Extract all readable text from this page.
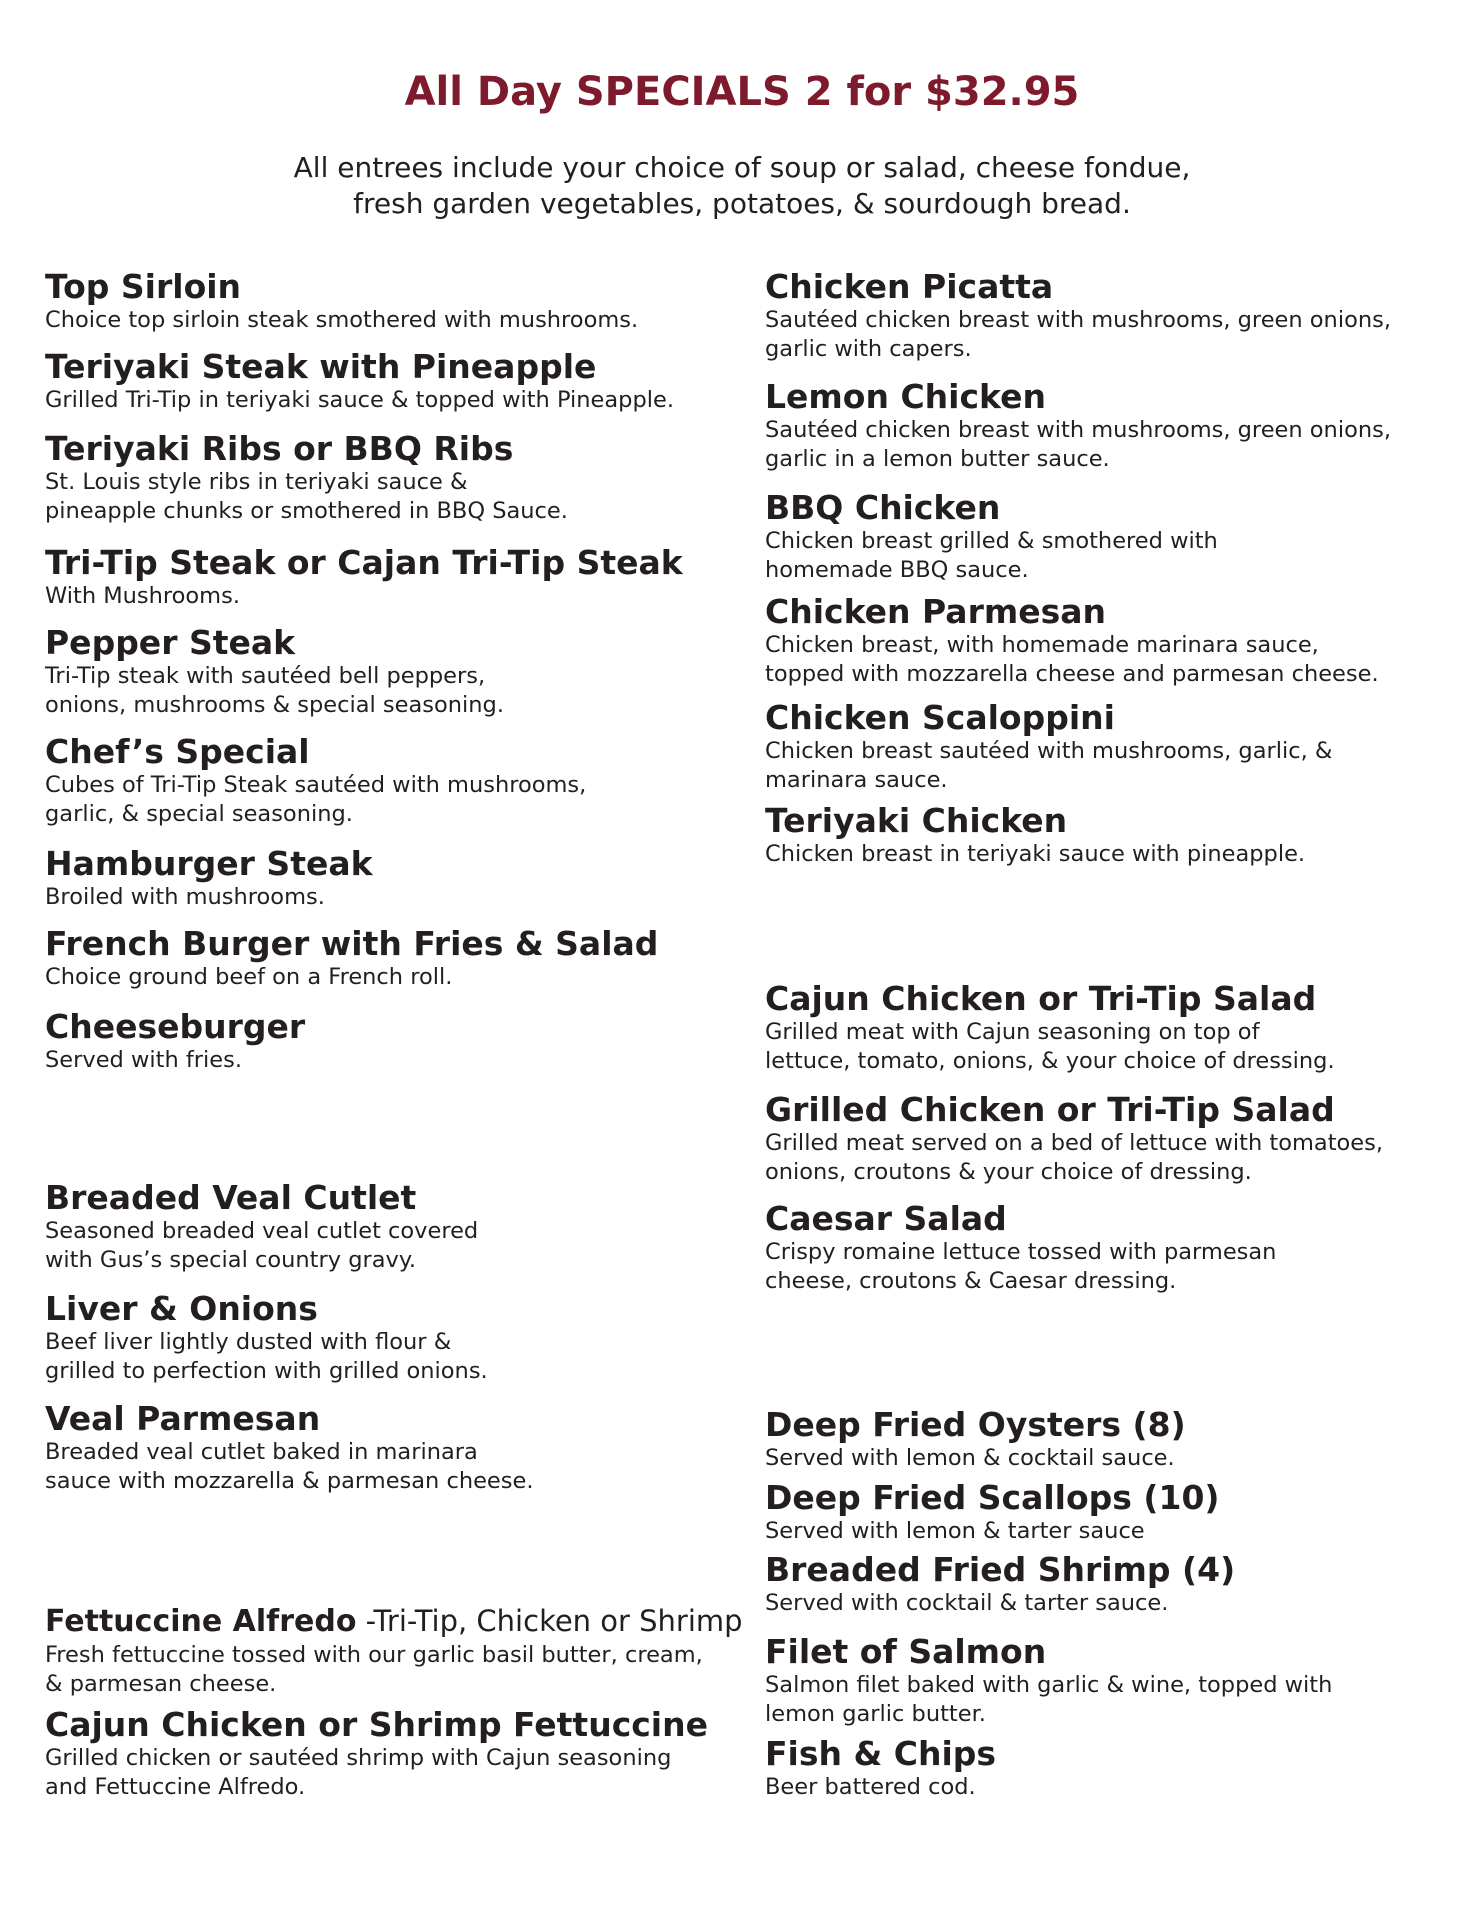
All Day SPECIALS 2 for $32.95
All entrees include your choice of soup or salad, cheese fondue,
fresh garden vegetables, potatoes, & sourdough bread.
Top Sirloin
Choice top sirloin steak smothered with mushrooms.
Teriyaki Steak with Pineapple
Grilled Tri-Tip in teriyaki sauce & topped with Pineapple.
Teriyaki Ribs or BBQ Ribs
St. Louis style ribs in teriyaki sauce &
pineapple chunks or smothered in BBQ Sauce.
Tri-Tip Steak or Cajan Tri-Tip Steak
With Mushrooms.
Pepper Steak
Tri-Tip steak with sautéed bell peppers,
onions, mushrooms & special seasoning.
Chef’s Special
Cubes of Tri-Tip Steak sautéed with mushrooms,
garlic, & special seasoning.
Hamburger Steak
Broiled with mushrooms.
French Burger with Fries & Salad
Choice ground beef on a French roll.
Cheeseburger
Served with fries.
Breaded Veal Cutlet
Seasoned breaded veal cutlet covered
with Gus’s special country gravy.
Liver & Onions
Beef liver lightly dusted with flour &
grilled to perfection with grilled onions.
Veal Parmesan
Breaded veal cutlet baked in marinara
sauce with mozzarella & parmesan cheese.
Fettuccine Alfredo -Tri-Tip, Chicken or Shrimp
Fresh fettuccine tossed with our garlic basil butter, cream,
& parmesan cheese.
Cajun Chicken or Shrimp Fettuccine
Grilled chicken or sautéed shrimp with Cajun seasoning
and Fettuccine Alfredo.
Chicken Picatta
Sautéed chicken breast with mushrooms, green onions,
garlic with capers.
Lemon Chicken
Sautéed chicken breast with mushrooms, green onions,
garlic in a lemon butter sauce.
BBQ Chicken
Chicken breast grilled & smothered with
homemade BBQ sauce.
Chicken Parmesan
Chicken breast, with homemade marinara sauce,
topped with mozzarella cheese and parmesan cheese.
Chicken Scaloppini
Chicken breast sautéed with mushrooms, garlic, &
marinara sauce.
Teriyaki Chicken
Chicken breast in teriyaki sauce with pineapple.
Cajun Chicken or Tri-Tip Salad
Grilled meat with Cajun seasoning on top of
lettuce, tomato, onions, & your choice of dressing.
Grilled Chicken or Tri-Tip Salad
Grilled meat served on a bed of lettuce with tomatoes,
onions, croutons & your choice of dressing.
Caesar Salad
Crispy romaine lettuce tossed with parmesan
cheese, croutons & Caesar dressing.
Deep Fried Oysters (8)
Served with lemon & cocktail sauce.
Deep Fried Scallops (10)
Served with lemon & tarter sauce
Breaded Fried Shrimp (4)
Served with cocktail & tarter sauce.
Filet of Salmon
Salmon filet baked with garlic & wine, topped with
lemon garlic butter.
Fish & Chips
Beer battered cod.
